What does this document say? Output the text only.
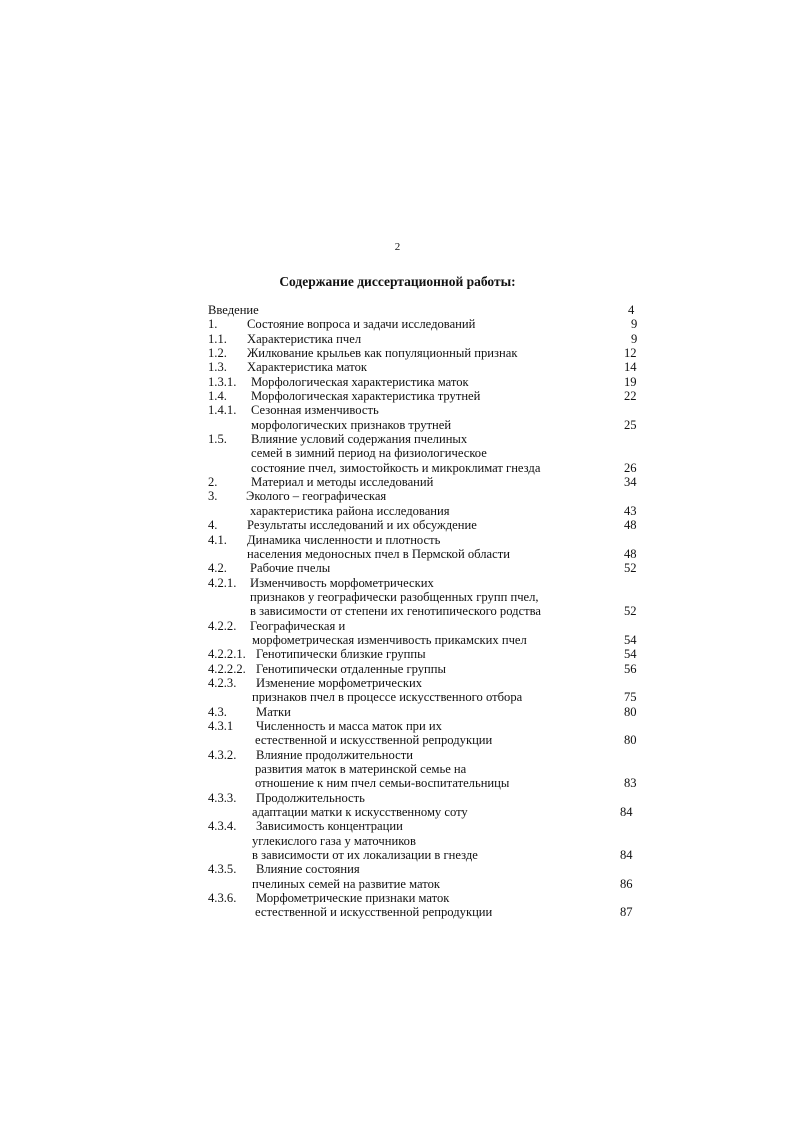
2
Содержание диссертационной работы:
Введение	4
1. Состояние вопроса и задачи исследований	9
1.1. Характеристика пчел	9
1.2. Жилкование крыльев как популяционный признак	12
1.3. Характеристика маток	14
1.3.1. Морфологическая характеристика маток	19
1.4. Морфологическая характеристика трутней	22
1.4.1. Сезонная изменчивость
морфологических признаков трутней	25
1.5. Влияние условий содержания пчелиных
семей в зимний период на физиологическое
состояние пчел, зимостойкость и микроклимат гнезда	26
2.	Материал и методы исследований	34
3. Эколого – географическая
характеристика района исследования	43
4. Результаты исследований и их обсуждение	48
4.1. Динамика численности и плотность
населения медоносных пчел в Пермской области	48
4.2. Рабочие пчелы	52
4.2.1. Изменчивость морфометрических
признаков у географически разобщенных групп пчел,
в зависимости от степени их генотипического родства	52
4.2.2. Географическая и
морфометрическая изменчивость прикамских пчел	54
4.2.2.1. Генотипически близкие группы	54
4.2.2.2. Генотипически отдаленные группы	56
4.2.3. Изменение морфометрических
признаков пчел в процессе искусственного отбора	75
4.3. Матки	80
4.3.1 Численность и масса маток при их
естественной и искусственной репродукции	80
4.3.2. Влияние продолжительности
развития маток в материнской семье на
отношение к ним пчел семьи-воспитательницы	83
4.3.3. Продолжительность
адаптации матки к искусственному соту	84
4.3.4. Зависимость концентрации
углекислого газа у маточников
в зависимости от их локализации в гнезде	84
4.3.5. Влияние состояния
пчелиных семей на развитие маток	86
4.3.6. Морфометрические признаки маток
естественной и искусственной репродукции	87
